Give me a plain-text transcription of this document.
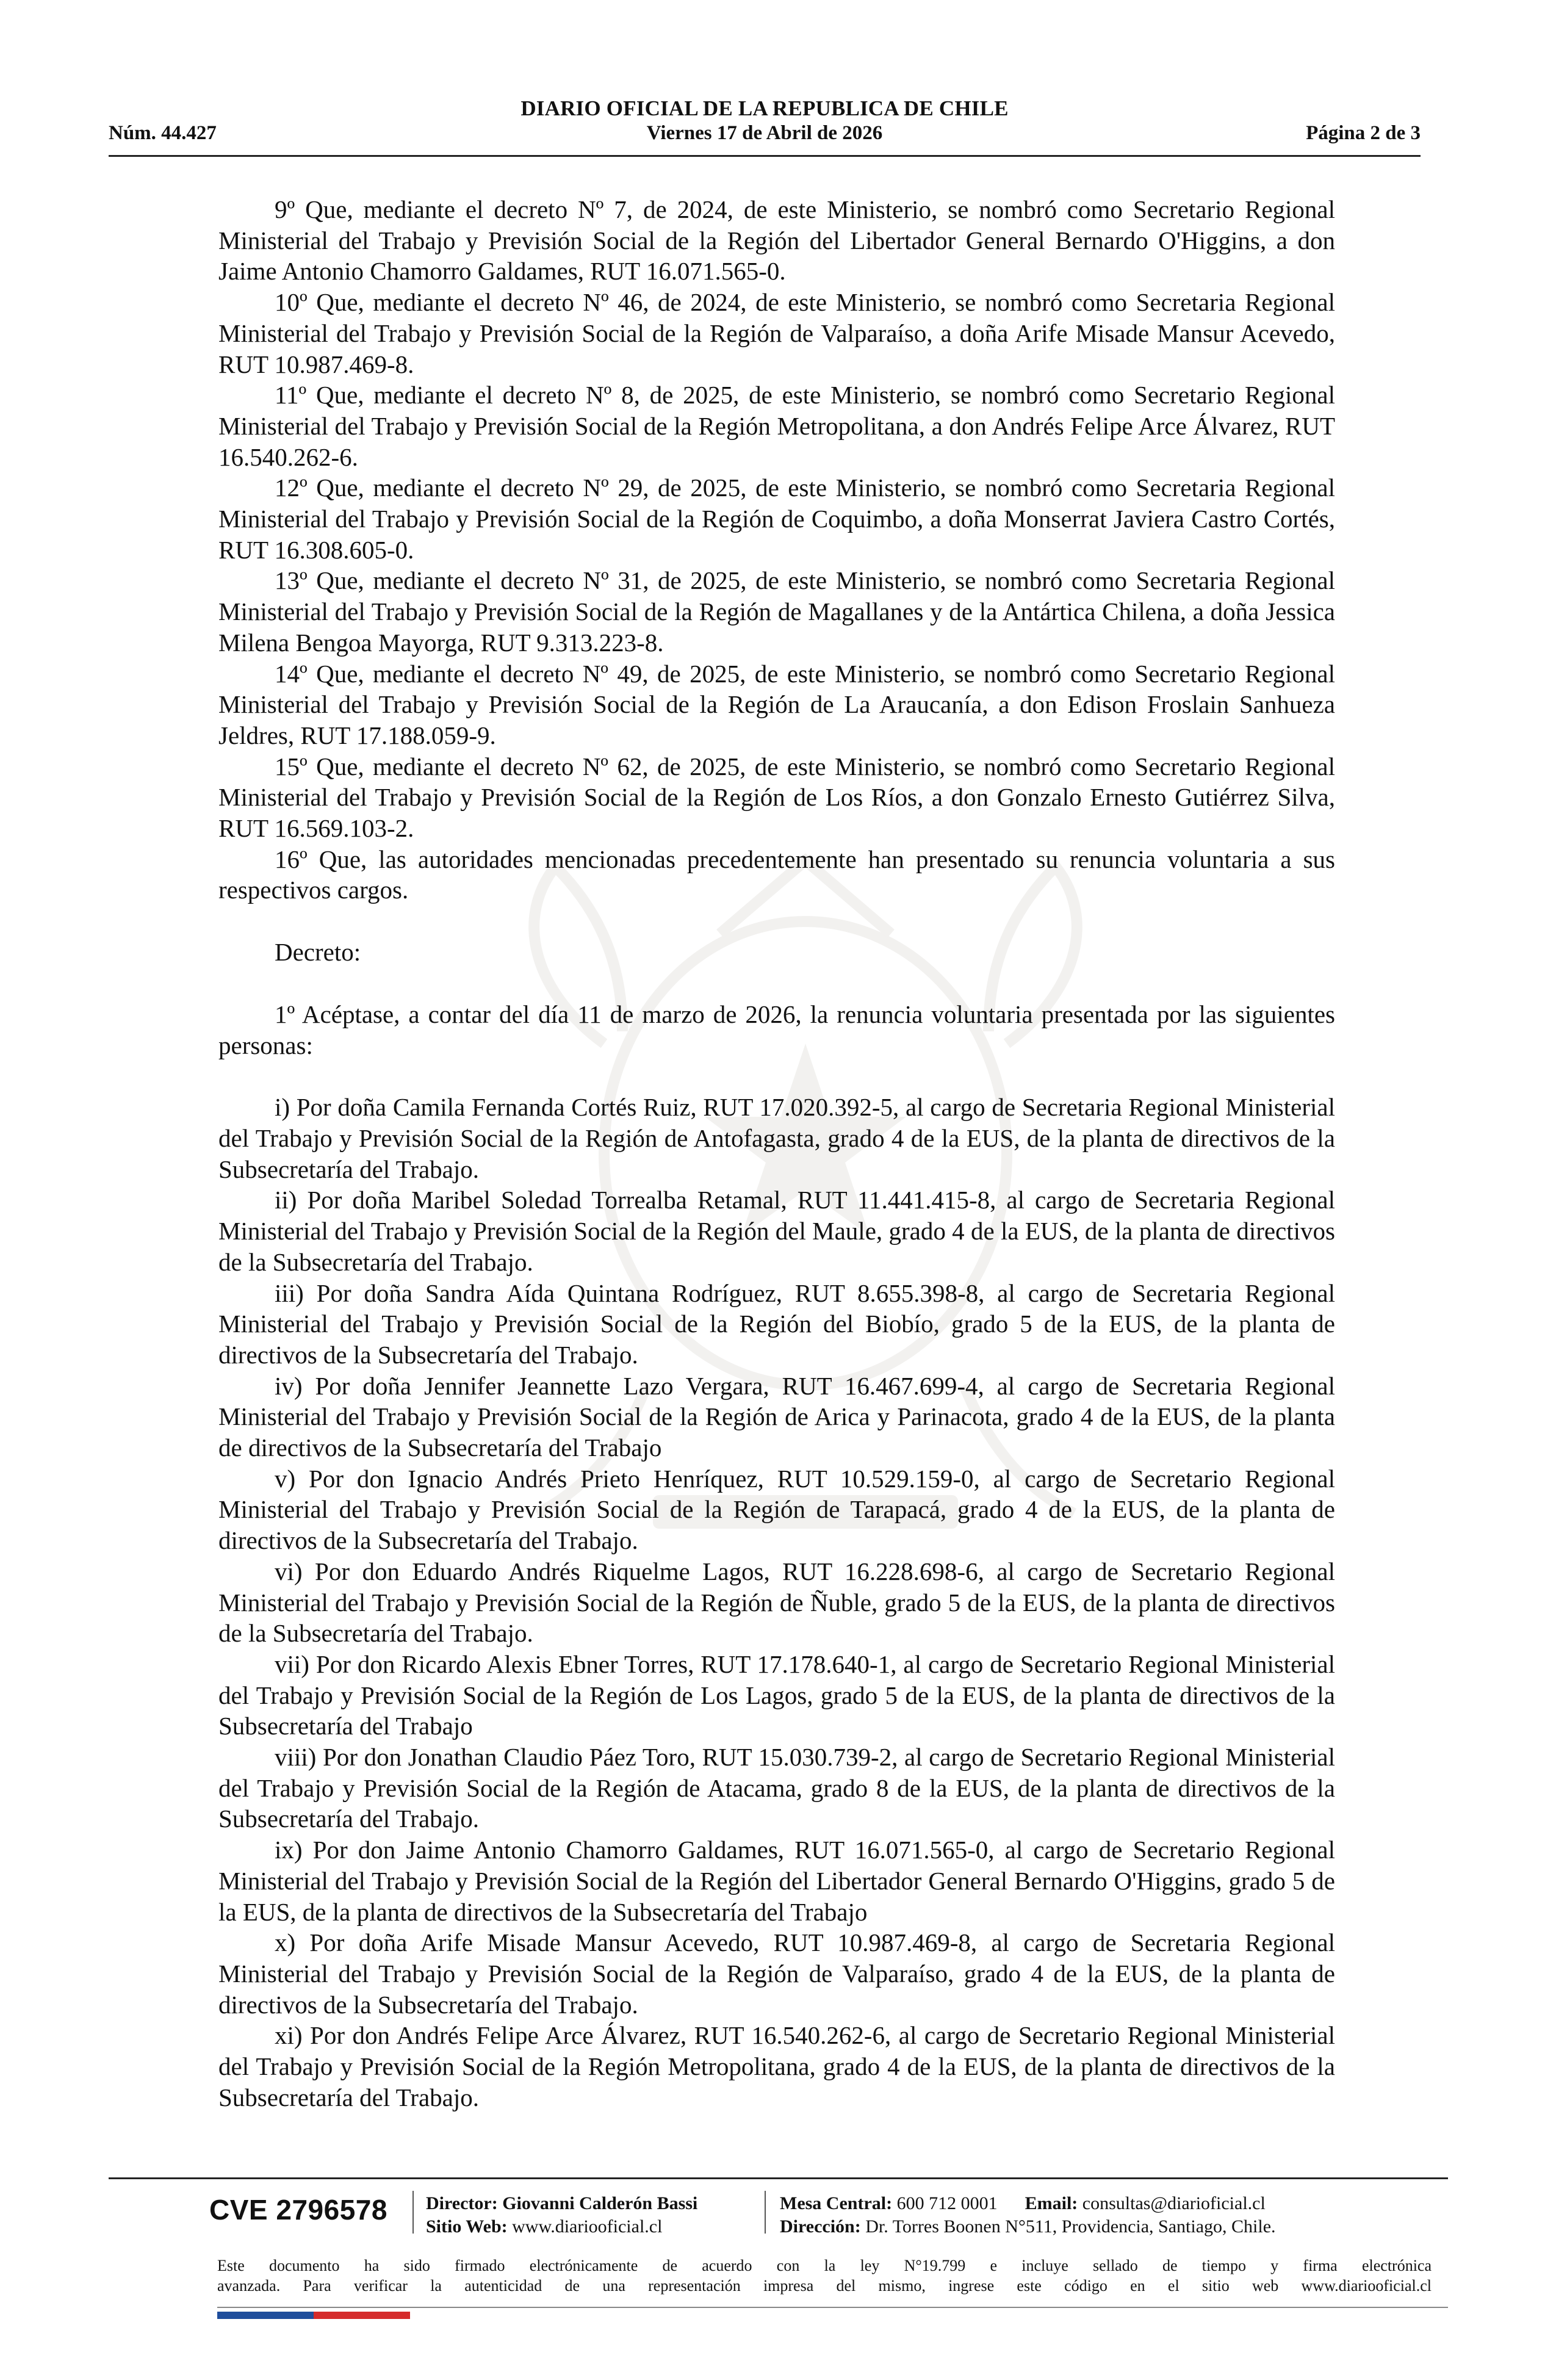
DIARIO OFICIAL DE LA REPUBLICA DE CHILE
Núm. 44.427	Viernes 17 de Abril de 2026	Página 2 de 3

9º Que, mediante el decreto Nº 7, de 2024, de este Ministerio, se nombró como Secretario Regional Ministerial del Trabajo y Previsión Social de la Región del Libertador General Bernardo O'Higgins, a don Jaime Antonio Chamorro Galdames, RUT 16.071.565-0.

10º Que, mediante el decreto Nº 46, de 2024, de este Ministerio, se nombró como Secretaria Regional Ministerial del Trabajo y Previsión Social de la Región de Valparaíso, a doña Arife Misade Mansur Acevedo, RUT 10.987.469-8.

11º Que, mediante el decreto Nº 8, de 2025, de este Ministerio, se nombró como Secretario Regional Ministerial del Trabajo y Previsión Social de la Región Metropolitana, a don Andrés Felipe Arce Álvarez, RUT 16.540.262-6.

12º Que, mediante el decreto Nº 29, de 2025, de este Ministerio, se nombró como Secretaria Regional Ministerial del Trabajo y Previsión Social de la Región de Coquimbo, a doña Monserrat Javiera Castro Cortés, RUT 16.308.605-0.

13º Que, mediante el decreto Nº 31, de 2025, de este Ministerio, se nombró como Secretaria Regional Ministerial del Trabajo y Previsión Social de la Región de Magallanes y de la Antártica Chilena, a doña Jessica Milena Bengoa Mayorga, RUT 9.313.223-8.

14º Que, mediante el decreto Nº 49, de 2025, de este Ministerio, se nombró como Secretario Regional Ministerial del Trabajo y Previsión Social de la Región de La Araucanía, a don Edison Froslain Sanhueza Jeldres, RUT 17.188.059-9.

15º Que, mediante el decreto Nº 62, de 2025, de este Ministerio, se nombró como Secretario Regional Ministerial del Trabajo y Previsión Social de la Región de Los Ríos, a don Gonzalo Ernesto Gutiérrez Silva, RUT 16.569.103-2.

16º Que, las autoridades mencionadas precedentemente han presentado su renuncia voluntaria a sus respectivos cargos.

Decreto:

1º Acéptase, a contar del día 11 de marzo de 2026, la renuncia voluntaria presentada por las siguientes personas:

i) Por doña Camila Fernanda Cortés Ruiz, RUT 17.020.392-5, al cargo de Secretaria Regional Ministerial del Trabajo y Previsión Social de la Región de Antofagasta, grado 4 de la EUS, de la planta de directivos de la Subsecretaría del Trabajo.

ii) Por doña Maribel Soledad Torrealba Retamal, RUT 11.441.415-8, al cargo de Secretaria Regional Ministerial del Trabajo y Previsión Social de la Región del Maule, grado 4 de la EUS, de la planta de directivos de la Subsecretaría del Trabajo.

iii) Por doña Sandra Aída Quintana Rodríguez, RUT 8.655.398-8, al cargo de Secretaria Regional Ministerial del Trabajo y Previsión Social de la Región del Biobío, grado 5 de la EUS, de la planta de directivos de la Subsecretaría del Trabajo.

iv) Por doña Jennifer Jeannette Lazo Vergara, RUT 16.467.699-4, al cargo de Secretaria Regional Ministerial del Trabajo y Previsión Social de la Región de Arica y Parinacota, grado 4 de la EUS, de la planta de directivos de la Subsecretaría del Trabajo

v) Por don Ignacio Andrés Prieto Henríquez, RUT 10.529.159-0, al cargo de Secretario Regional Ministerial del Trabajo y Previsión Social de la Región de Tarapacá, grado 4 de la EUS, de la planta de directivos de la Subsecretaría del Trabajo.

vi) Por don Eduardo Andrés Riquelme Lagos, RUT 16.228.698-6, al cargo de Secretario Regional Ministerial del Trabajo y Previsión Social de la Región de Ñuble, grado 5 de la EUS, de la planta de directivos de la Subsecretaría del Trabajo.

vii) Por don Ricardo Alexis Ebner Torres, RUT 17.178.640-1, al cargo de Secretario Regional Ministerial del Trabajo y Previsión Social de la Región de Los Lagos, grado 5 de la EUS, de la planta de directivos de la Subsecretaría del Trabajo

viii) Por don Jonathan Claudio Páez Toro, RUT 15.030.739-2, al cargo de Secretario Regional Ministerial del Trabajo y Previsión Social de la Región de Atacama, grado 8 de la EUS, de la planta de directivos de la Subsecretaría del Trabajo.

ix) Por don Jaime Antonio Chamorro Galdames, RUT 16.071.565-0, al cargo de Secretario Regional Ministerial del Trabajo y Previsión Social de la Región del Libertador General Bernardo O'Higgins, grado 5 de la EUS, de la planta de directivos de la Subsecretaría del Trabajo

x) Por doña Arife Misade Mansur Acevedo, RUT 10.987.469-8, al cargo de Secretaria Regional Ministerial del Trabajo y Previsión Social de la Región de Valparaíso, grado 4 de la EUS, de la planta de directivos de la Subsecretaría del Trabajo.

xi) Por don Andrés Felipe Arce Álvarez, RUT 16.540.262-6, al cargo de Secretario Regional Ministerial del Trabajo y Previsión Social de la Región Metropolitana, grado 4 de la EUS, de la planta de directivos de la Subsecretaría del Trabajo.

CVE 2796578 Director: Giovanni Calderón Bassi
Sitio Web: www.diariooficial.cl
Mesa Central: 600 712 0001 Email: consultas@diarioficial.cl
Dirección: Dr. Torres Boonen N°511, Providencia, Santiago, Chile.
Este documento ha sido firmado electrónicamente de acuerdo con la ley N°19.799 e incluye sellado de tiempo y firma electrónica
avanzada. Para verificar la autenticidad de una representación impresa del mismo, ingrese este código en el sitio web www.diariooficial.cl
